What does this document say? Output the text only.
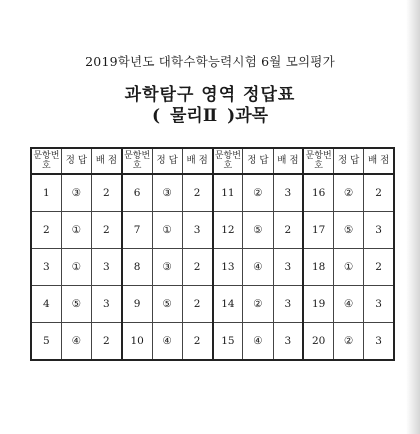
2019학년도 대학수학능력시험 6월 모의평가
과학탐구 영역 정답표
( 물리Ⅱ )과목
문항번호	정 답	배 점	문항번호	정 답	배 점	문항번호	정 답	배 점	문항번호	정 답	배 점
1	③	2	6	③	2	11	②	3	16	②	2
2	①	2	7	①	3	12	⑤	2	17	⑤	3
3	①	3	8	③	2	13	④	3	18	①	2
4	⑤	3	9	⑤	2	14	②	3	19	④	3
5	④	2	10	④	2	15	④	3	20	②	3
